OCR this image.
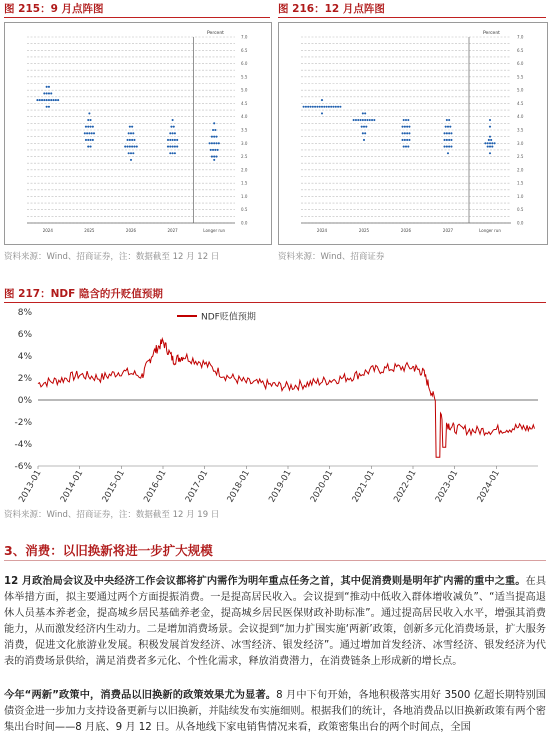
图 215：9 月点阵图
Percent
7.0
6.5
6.0
5.5
5.0
4.5
4.0
3.5
3.0
2.5
2.0
1.5
1.0
0.5
0.0
2024	2025	2026	2027	Longer run
资料来源：Wind、招商证券，注：数据截至 12 月 12 日
图 216：12 月点阵图
Percent
7.0
6.5
6.0
5.5
5.0
4.5
4.0
3.5
3.0
2.5
2.0
1.5
1.0
0.5
0.0
2024	2025	2026	2027	Longer run
资料来源：Wind、招商证券
图 217：NDF 隐含的升贬值预期
8%
6%
4%
2%
0%
-2%
-4%
-6%
2013-01 2014-01 2015-01 2016-01 2017-01 2018-01 2019-01 2020-01 2021-01 2022-01 2023-01 2024-01
NDF贬值预期
资料来源：Wind、招商证券，注：数据截至 12 月 19 日
3、消费：以旧换新将进一步扩大规模
12 月政治局会议及中央经济工作会议都将扩内需作为明年重点任务之首，其中促消费则是明年扩内需的重中之重。在具体举措方面，拟主要通过两个方面提振消费。一是提高居民收入。会议提到“推动中低收入群体增收减负”、“适当提高退休人员基本养老金，提高城乡居民基础养老金，提高城乡居民医保财政补助标准”。通过提高居民收入水平，增强其消费能力，从而激发经济内生动力。二是增加消费场景。会议提到“加力扩围实施‘两新’政策，创新多元化消费场景，扩大服务消费，促进文化旅游业发展。积极发展首发经济、冰雪经济、银发经济”。通过增加首发经济、冰雪经济、银发经济为代表的消费场景供给，满足消费者多元化、个性化需求，释放消费潜力，在消费链条上形成新的增长点。
今年“两新”政策中，消费品以旧换新的政策效果尤为显著。8 月中下旬开始，各地积极落实用好 3500 亿超长期特别国债资金进一步加力支持设备更新与以旧换新，并陆续发布实施细则。根据我们的统计，各地消费品以旧换新政策有两个密集出台时间——8 月底、9 月 12 日。从各地线下家电销售情况来看，政策密集出台的两个时间点，全国
